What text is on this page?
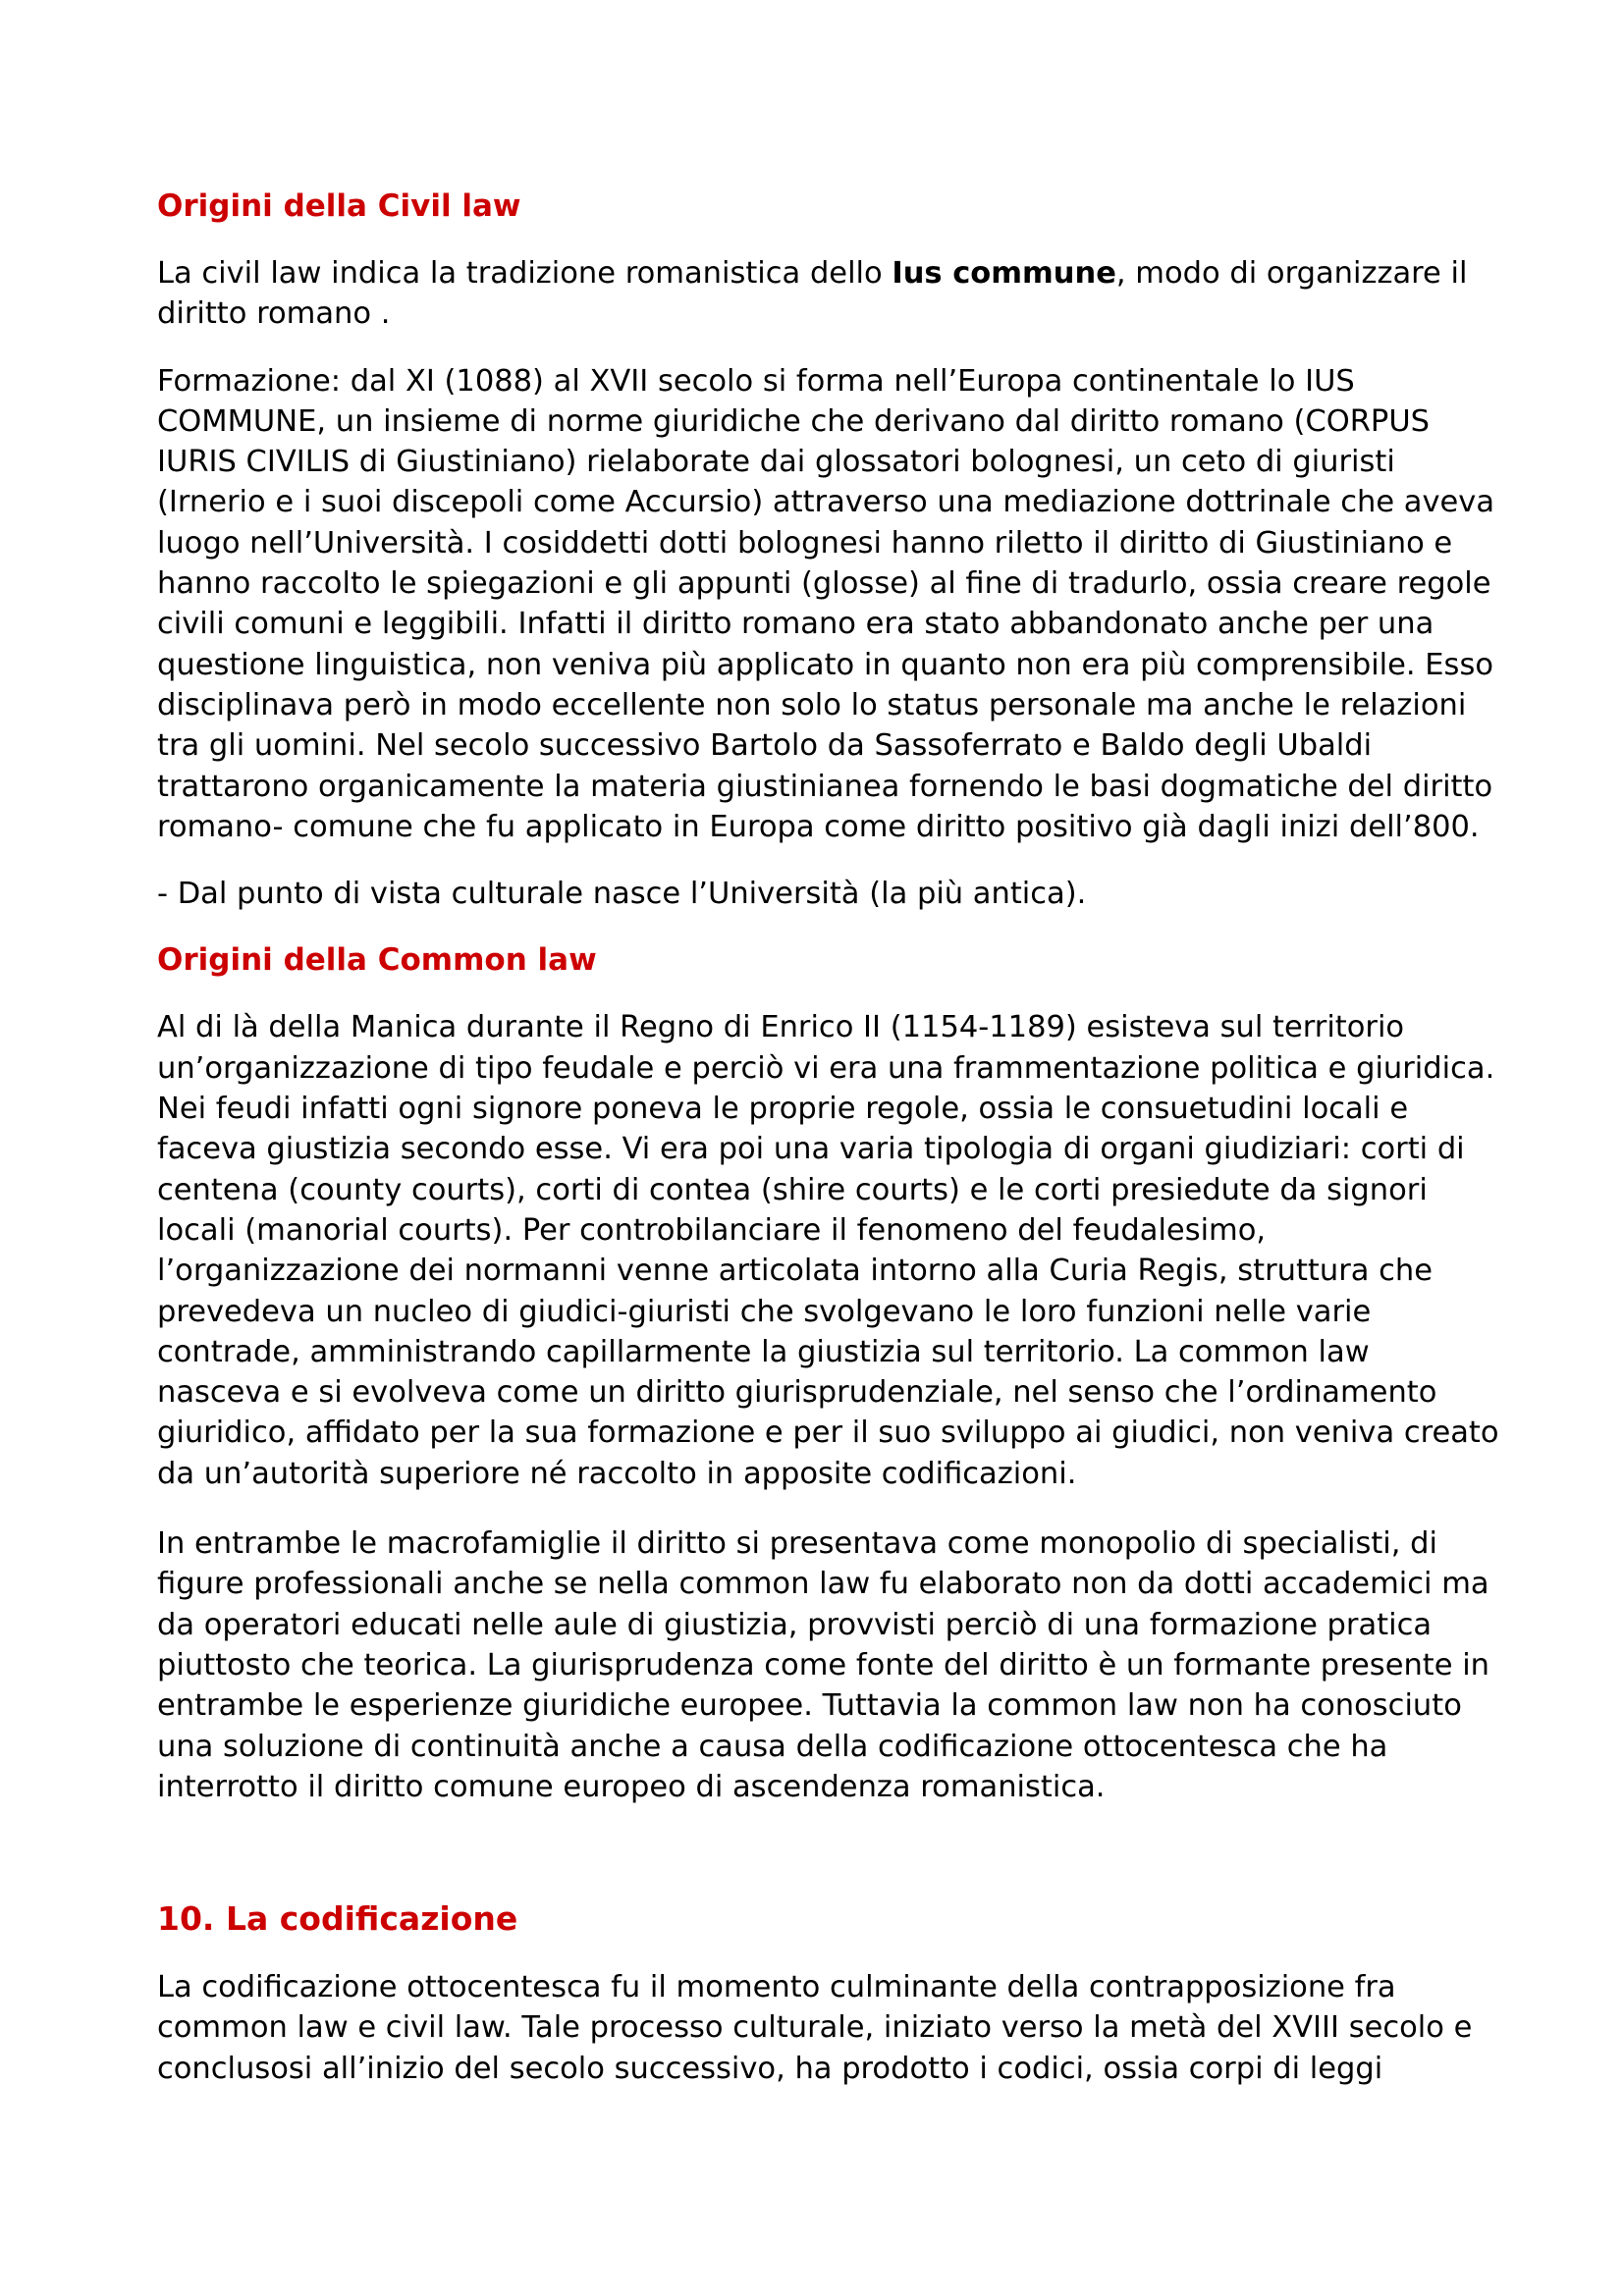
Origini della Civil law

La civil law indica la tradizione romanistica dello Ius commune, modo di organizzare il diritto romano .

Formazione: dal XI (1088) al XVII secolo si forma nell’Europa continentale lo IUS COMMUNE, un insieme di norme giuridiche che derivano dal diritto romano (CORPUS IURIS CIVILIS di Giustiniano) rielaborate dai glossatori bolognesi, un ceto di giuristi (Irnerio e i suoi discepoli come Accursio) attraverso una mediazione dottrinale che aveva luogo nell’Università. I cosiddetti dotti bolognesi hanno riletto il diritto di Giustiniano e hanno raccolto le spiegazioni e gli appunti (glosse) al fine di tradurlo, ossia creare regole civili comuni e leggibili. Infatti il diritto romano era stato abbandonato anche per una questione linguistica, non veniva più applicato in quanto non era più comprensibile. Esso disciplinava però in modo eccellente non solo lo status personale ma anche le relazioni tra gli uomini. Nel secolo successivo Bartolo da Sassoferrato e Baldo degli Ubaldi trattarono organicamente la materia giustinianea fornendo le basi dogmatiche del diritto romano- comune che fu applicato in Europa come diritto positivo già dagli inizi dell’800.

- Dal punto di vista culturale nasce l’Università (la più antica).

Origini della Common law

Al di là della Manica durante il Regno di Enrico II (1154-1189) esisteva sul territorio un’organizzazione di tipo feudale e perciò vi era una frammentazione politica e giuridica. Nei feudi infatti ogni signore poneva le proprie regole, ossia le consuetudini locali e faceva giustizia secondo esse. Vi era poi una varia tipologia di organi giudiziari: corti di centena (county courts), corti di contea (shire courts) e le corti presiedute da signori locali (manorial courts). Per controbilanciare il fenomeno del feudalesimo, l’organizzazione dei normanni venne articolata intorno alla Curia Regis, struttura che prevedeva un nucleo di giudici-giuristi che svolgevano le loro funzioni nelle varie contrade, amministrando capillarmente la giustizia sul territorio. La common law nasceva e si evolveva come un diritto giurisprudenziale, nel senso che l’ordinamento giuridico, affidato per la sua formazione e per il suo sviluppo ai giudici, non veniva creato da un’autorità superiore né raccolto in apposite codificazioni.

In entrambe le macrofamiglie il diritto si presentava come monopolio di specialisti, di figure professionali anche se nella common law fu elaborato non da dotti accademici ma da operatori educati nelle aule di giustizia, provvisti perciò di una formazione pratica piuttosto che teorica. La giurisprudenza come fonte del diritto è un formante presente in entrambe le esperienze giuridiche europee. Tuttavia la common law non ha conosciuto una soluzione di continuità anche a causa della codificazione ottocentesca che ha interrotto il diritto comune europeo di ascendenza romanistica.

10. La codificazione

La codificazione ottocentesca fu il momento culminante della contrapposizione fra common law e civil law. Tale processo culturale, iniziato verso la metà del XVIII secolo e conclusosi all’inizio del secolo successivo, ha prodotto i codici, ossia corpi di leggi
